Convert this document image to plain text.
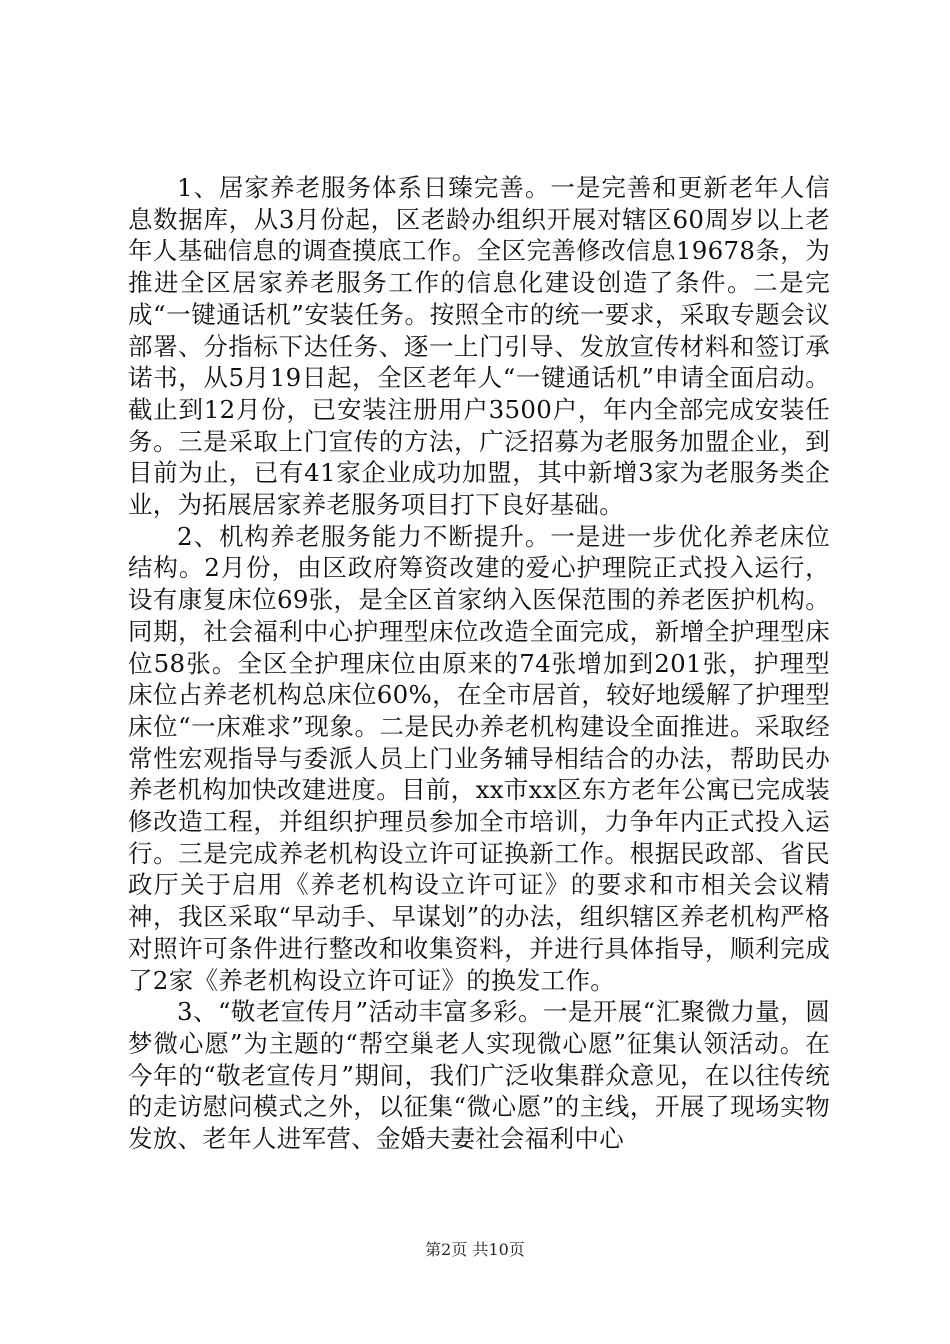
1、居家养老服务体系日臻完善。一是完善和更新老年人信息数据库，从3月份起，区老龄办组织开展对辖区60周岁以上老年人基础信息的调查摸底工作。全区完善修改信息19678条，为推进全区居家养老服务工作的信息化建设创造了条件。二是完成“一键通话机”安装任务。按照全市的统一要求，采取专题会议部署、分指标下达任务、逐一上门引导、发放宣传材料和签订承诺书，从5月19日起，全区老年人“一键通话机”申请全面启动。截止到12月份，已安装注册用户3500户，年内全部完成安装任务。三是采取上门宣传的方法，广泛招募为老服务加盟企业，到目前为止，已有41家企业成功加盟，其中新增3家为老服务类企业，为拓展居家养老服务项目打下良好基础。

2、机构养老服务能力不断提升。一是进一步优化养老床位结构。2月份，由区政府筹资改建的爱心护理院正式投入运行，设有康复床位69张，是全区首家纳入医保范围的养老医护机构。同期，社会福利中心护理型床位改造全面完成，新增全护理型床位58张。全区全护理床位由原来的74张增加到201张，护理型床位占养老机构总床位60%，在全市居首，较好地缓解了护理型床位“一床难求”现象。二是民办养老机构建设全面推进。采取经常性宏观指导与委派人员上门业务辅导相结合的办法，帮助民办养老机构加快改建进度。目前，xx市xx区东方老年公寓已完成装修改造工程，并组织护理员参加全市培训，力争年内正式投入运行。三是完成养老机构设立许可证换新工作。根据民政部、省民政厅关于启用《养老机构设立许可证》的要求和市相关会议精神，我区采取“早动手、早谋划”的办法，组织辖区养老机构严格对照许可条件进行整改和收集资料，并进行具体指导，顺利完成了2家《养老机构设立许可证》的换发工作。

3、“敬老宣传月”活动丰富多彩。一是开展“汇聚微力量，圆梦微心愿”为主题的“帮空巢老人实现微心愿”征集认领活动。在今年的“敬老宣传月”期间，我们广泛收集群众意见，在以往传统的走访慰问模式之外，以征集“微心愿”的主线，开展了现场实物发放、老年人进军营、金婚夫妻社会福利中心

第2页 共10页
